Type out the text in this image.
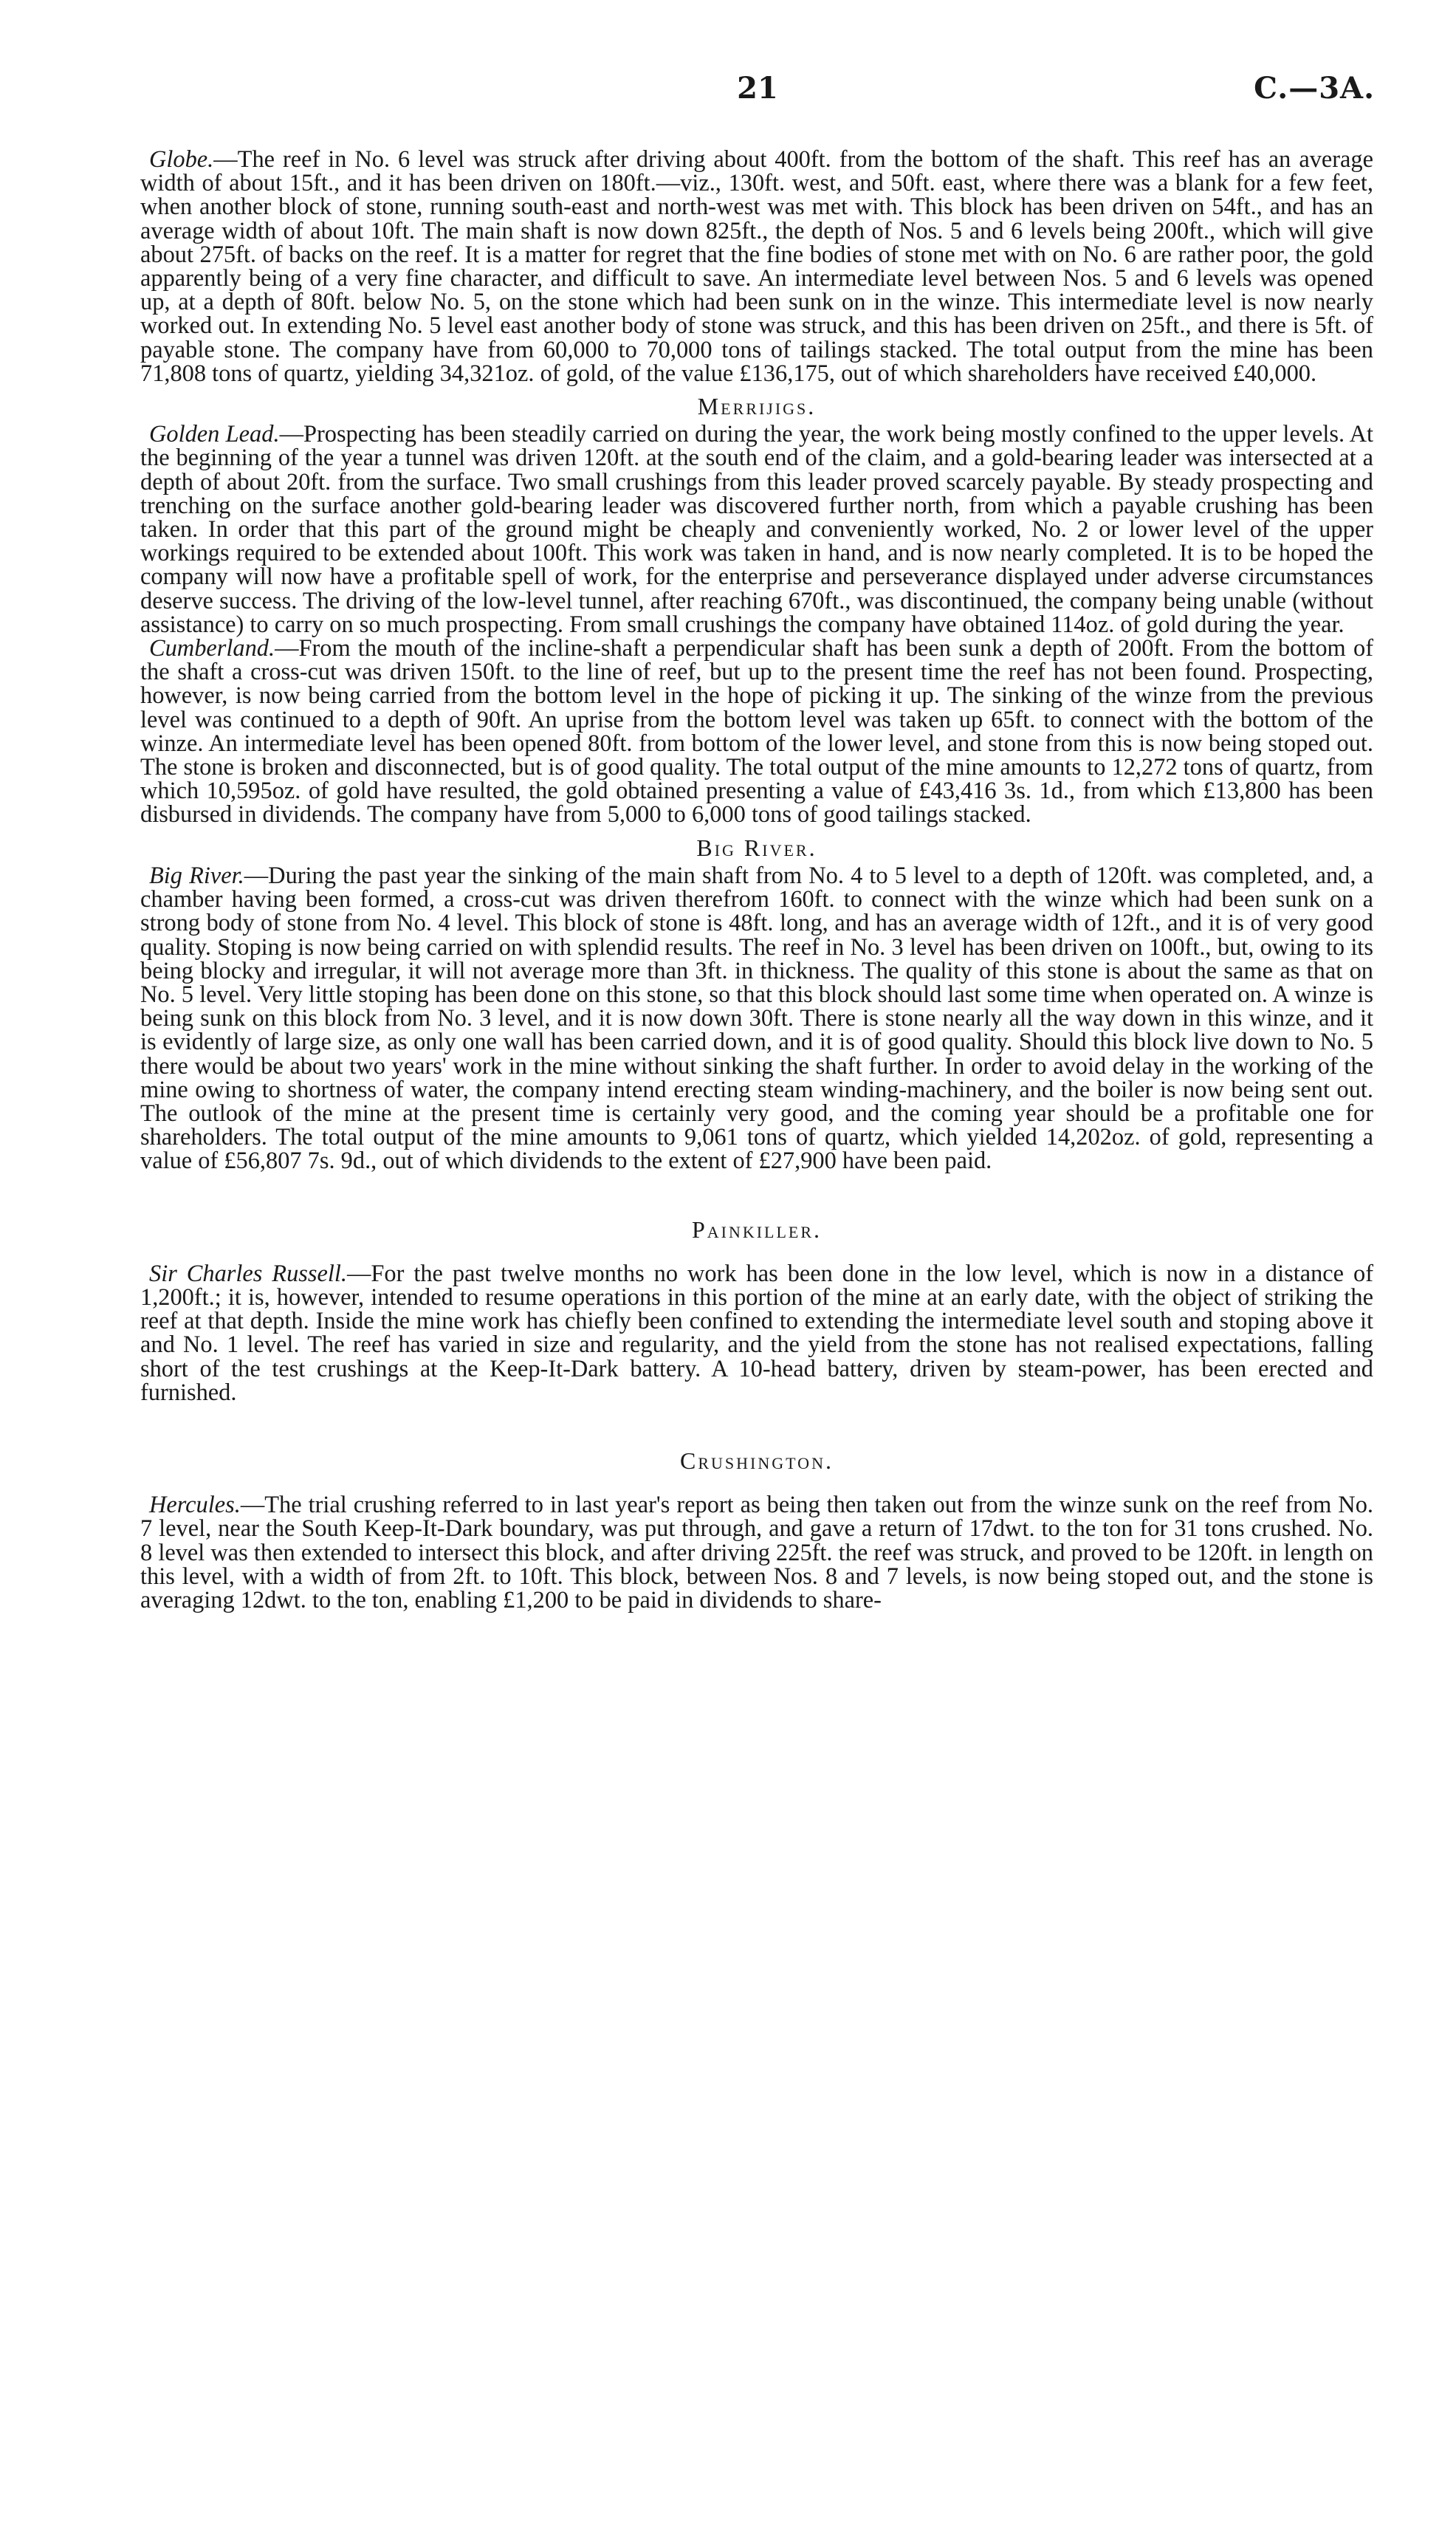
21	C.—3A.

Globe.—The reef in No. 6 level was struck after driving about 400ft. from the bottom of the shaft. This reef has an average width of about 15ft., and it has been driven on 180ft.—viz., 130ft. west, and 50ft. east, where there was a blank for a few feet, when another block of stone, running south-east and north-west was met with. This block has been driven on 54ft., and has an average width of about 10ft. The main shaft is now down 825ft., the depth of Nos. 5 and 6 levels being 200ft., which will give about 275ft. of backs on the reef. It is a matter for regret that the fine bodies of stone met with on No. 6 are rather poor, the gold apparently being of a very fine character, and difficult to save. An intermediate level between Nos. 5 and 6 levels was opened up, at a depth of 80ft. below No. 5, on the stone which had been sunk on in the winze. This intermediate level is now nearly worked out. In extending No. 5 level east another body of stone was struck, and this has been driven on 25ft., and there is 5ft. of payable stone. The company have from 60,000 to 70,000 tons of tailings stacked. The total output from the mine has been 71,808 tons of quartz, yielding 34,321oz. of gold, of the value £136,175, out of which shareholders have received £40,000.

Merrijigs.

Golden Lead.—Prospecting has been steadily carried on during the year, the work being mostly confined to the upper levels. At the beginning of the year a tunnel was driven 120ft. at the south end of the claim, and a gold-bearing leader was intersected at a depth of about 20ft. from the surface. Two small crushings from this leader proved scarcely payable. By steady prospecting and trenching on the surface another gold-bearing leader was discovered further north, from which a payable crushing has been taken. In order that this part of the ground might be cheaply and conveniently worked, No. 2 or lower level of the upper workings required to be extended about 100ft. This work was taken in hand, and is now nearly completed. It is to be hoped the company will now have a profitable spell of work, for the enterprise and perseverance displayed under adverse circumstances deserve success. The driving of the low-level tunnel, after reaching 670ft., was discontinued, the company being unable (without assistance) to carry on so much prospecting. From small crushings the company have obtained 114oz. of gold during the year.

Cumberland.—From the mouth of the incline-shaft a perpendicular shaft has been sunk a depth of 200ft. From the bottom of the shaft a cross-cut was driven 150ft. to the line of reef, but up to the present time the reef has not been found. Prospecting, however, is now being carried from the bottom level in the hope of picking it up. The sinking of the winze from the previous level was continued to a depth of 90ft. An uprise from the bottom level was taken up 65ft. to connect with the bottom of the winze. An intermediate level has been opened 80ft. from bottom of the lower level, and stone from this is now being stoped out. The stone is broken and disconnected, but is of good quality. The total output of the mine amounts to 12,272 tons of quartz, from which 10,595oz. of gold have resulted, the gold obtained presenting a value of £43,416 3s. 1d., from which £13,800 has been disbursed in dividends. The company have from 5,000 to 6,000 tons of good tailings stacked.

Big River.

Big River.—During the past year the sinking of the main shaft from No. 4 to 5 level to a depth of 120ft. was completed, and, a chamber having been formed, a cross-cut was driven therefrom 160ft. to connect with the winze which had been sunk on a strong body of stone from No. 4 level. This block of stone is 48ft. long, and has an average width of 12ft., and it is of very good quality. Stoping is now being carried on with splendid results. The reef in No. 3 level has been driven on 100ft., but, owing to its being blocky and irregular, it will not average more than 3ft. in thickness. The quality of this stone is about the same as that on No. 5 level. Very little stoping has been done on this stone, so that this block should last some time when operated on. A winze is being sunk on this block from No. 3 level, and it is now down 30ft. There is stone nearly all the way down in this winze, and it is evidently of large size, as only one wall has been carried down, and it is of good quality. Should this block live down to No. 5 there would be about two years' work in the mine without sinking the shaft further. In order to avoid delay in the working of the mine owing to shortness of water, the company intend erecting steam winding-machinery, and the boiler is now being sent out. The outlook of the mine at the present time is certainly very good, and the coming year should be a profitable one for shareholders. The total output of the mine amounts to 9,061 tons of quartz, which yielded 14,202oz. of gold, representing a value of £56,807 7s. 9d., out of which dividends to the extent of £27,900 have been paid.

Painkiller.

Sir Charles Russell.—For the past twelve months no work has been done in the low level, which is now in a distance of 1,200ft.; it is, however, intended to resume operations in this portion of the mine at an early date, with the object of striking the reef at that depth. Inside the mine work has chiefly been confined to extending the intermediate level south and stoping above it and No. 1 level. The reef has varied in size and regularity, and the yield from the stone has not realised expectations, falling short of the test crushings at the Keep-It-Dark battery. A 10-head battery, driven by steam-power, has been erected and furnished.

Crushington.

Hercules.—The trial crushing referred to in last year's report as being then taken out from the winze sunk on the reef from No. 7 level, near the South Keep-It-Dark boundary, was put through, and gave a return of 17dwt. to the ton for 31 tons crushed. No. 8 level was then extended to intersect this block, and after driving 225ft. the reef was struck, and proved to be 120ft. in length on this level, with a width of from 2ft. to 10ft. This block, between Nos. 8 and 7 levels, is now being stoped out, and the stone is averaging 12dwt. to the ton, enabling £1,200 to be paid in dividends to share-
